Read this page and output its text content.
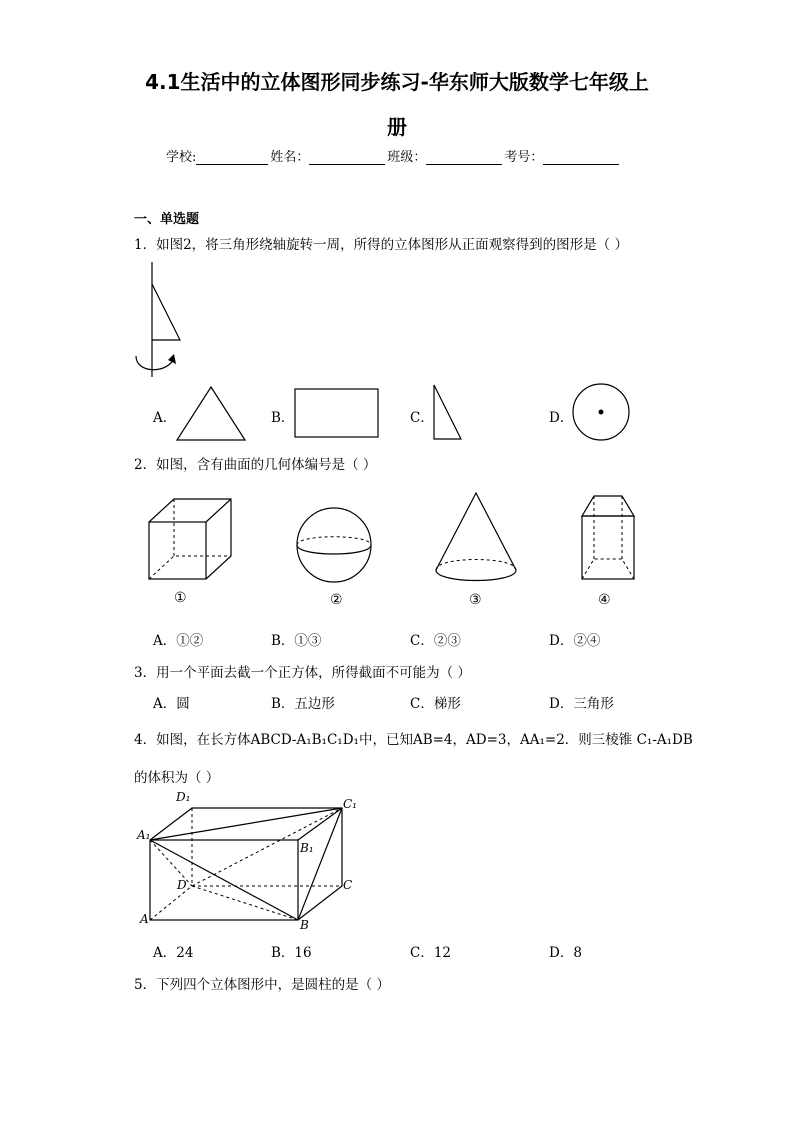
4.1生活中的立体图形同步练习-华东师大版数学七年级上
册
学校:	姓名：	班级：	考号：
一、单选题
1．如图2，将三角形绕轴旋转一周，所得的立体图形从正面观察得到的图形是（ ）
A．	B．	C．	D．
2．如图，含有曲面的几何体编号是（ ）
①	②	③	④
A．①②	B．①③	C．②③	D．②④
3．用一个平面去截一个正方体，所得截面不可能为（ ）
A．圆	B．五边形	C．梯形	D．三角形
4．如图，在长方体ABCD-A₁B₁C₁D₁中，已知AB=4，AD=3，AA₁=2．则三棱锥 C₁-A₁DB
的体积为（ ）
D₁	C₁
A₁
B₁
D	C
A	B
A．24	B．16	C．12	D．8
5．下列四个立体图形中，是圆柱的是（ ）
